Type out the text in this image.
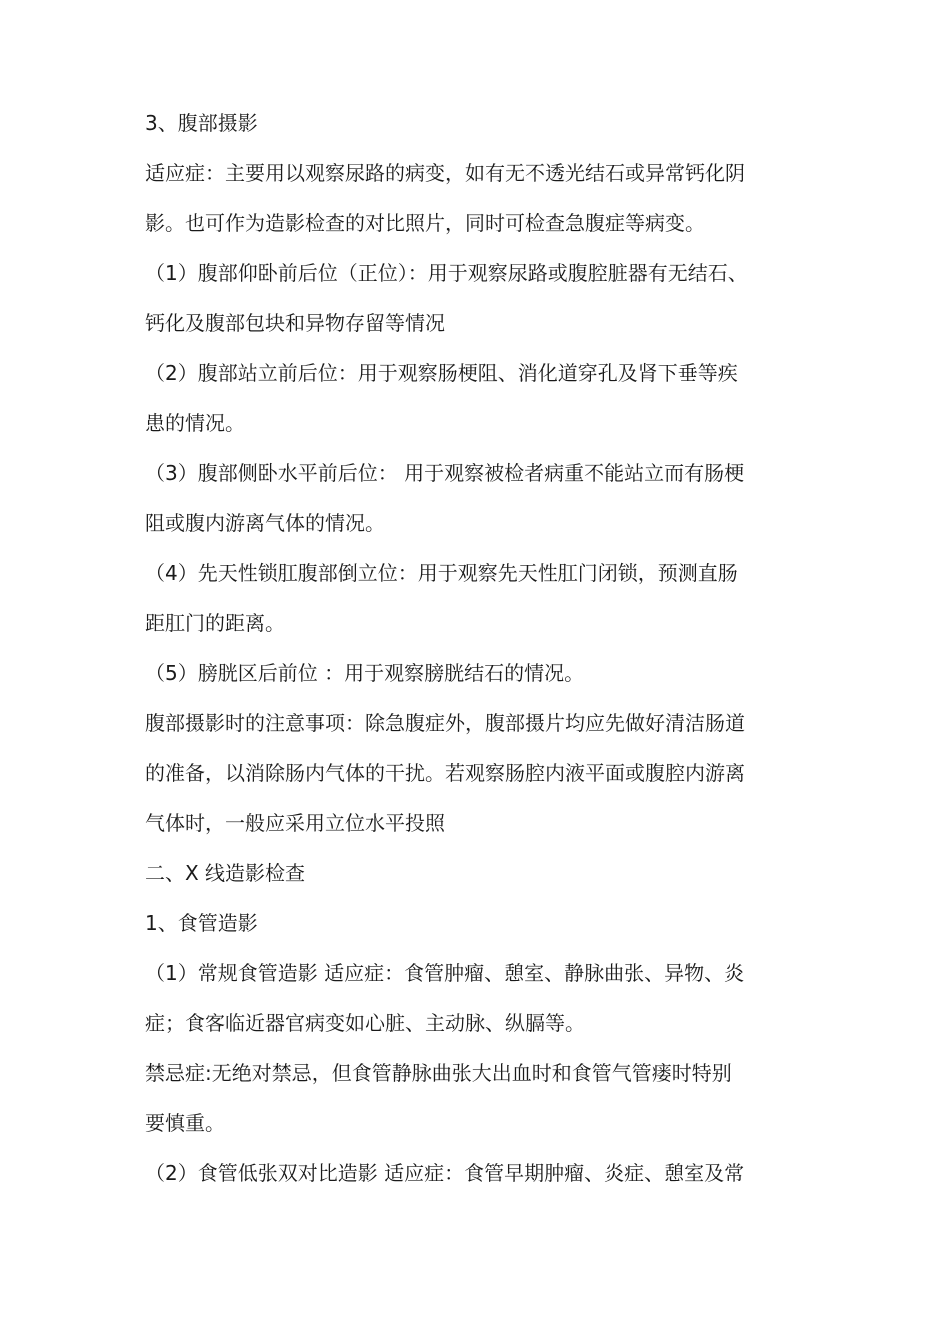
3、腹部摄影
适应症：主要用以观察尿路的病变，如有无不透光结石或异常钙化阴
影。也可作为造影检查的对比照片，同时可检查急腹症等病变。
（1）腹部仰卧前后位（正位）：用于观察尿路或腹腔脏器有无结石、
钙化及腹部包块和异物存留等情况
（2）腹部站立前后位：用于观察肠梗阻、消化道穿孔及肾下垂等疾
患的情况。
（3）腹部侧卧水平前后位： 用于观察被检者病重不能站立而有肠梗
阻或腹内游离气体的情况。
（4）先天性锁肛腹部倒立位：用于观察先天性肛门闭锁，预测直肠
距肛门的距离。
（5）膀胱区后前位 ：用于观察膀胱结石的情况。
腹部摄影时的注意事项：除急腹症外，腹部摄片均应先做好清洁肠道
的准备，以消除肠内气体的干扰。若观察肠腔内液平面或腹腔内游离
气体时，一般应采用立位水平投照
二、X 线造影检查
1、食管造影
（1）常规食管造影 适应症：食管肿瘤、憩室、静脉曲张、异物、炎
症；食客临近器官病变如心脏、主动脉、纵膈等。
禁忌症:无绝对禁忌，但食管静脉曲张大出血时和食管气管瘘时特别
要慎重。
（2）食管低张双对比造影 适应症：食管早期肿瘤、炎症、憩室及常
